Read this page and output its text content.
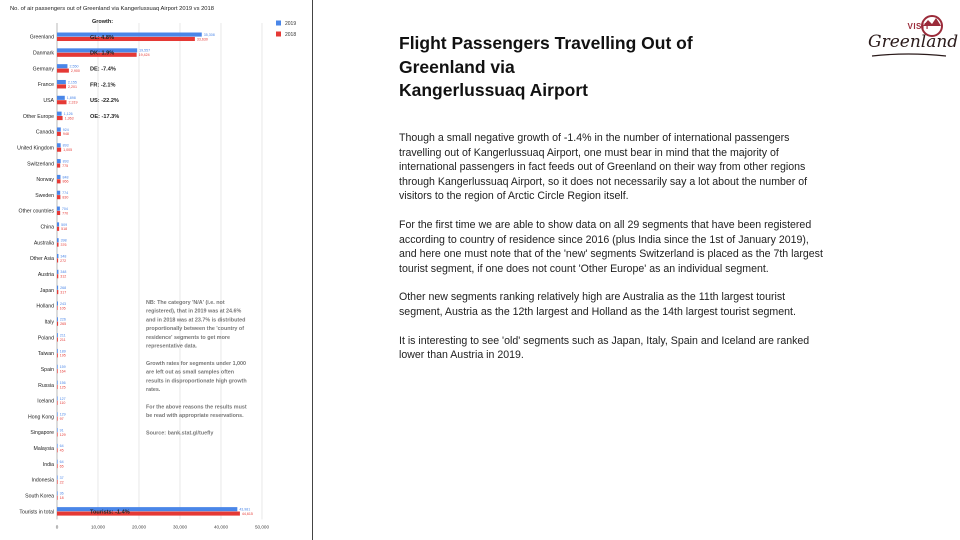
No. of air passengers out of Greenland via Kangerlussuaq Airport 2019 vs 2018
Growth:
0	10,000	20,000	30,000	40,000	50,000
2019
2018
Greenland	35,308
33,630
Danmark	19,557
19,424
Germany	2,550
2,900
France	2,155
2,201
USA	1,898
2,319
Other Europe	1,126
1,363
Canada 924
948
United Kingdom 893
1,005
Switzerland 893
775
Norway 848
866
Sweden 774
830
Other countries 704
770
China 509
518
Australia 398
376
Other Asia 348
272
Austria 348
312
Japan 268
317
Holland 243
105
Italy 226
265
Poland 211
211
Taiwan 189
195
Spain 159
164
Russia 156
125
Iceland 127
110
Hong Kong 129
97
Singapore 91
129
Malaysia 64
45
India 64
65
Indonesia 37
22
South Korea 36
18
Tourists in total	43,981
44,615
GL: 4.8%
DK: 1.9%
DE: -7.4%
FR: -2.1%
US: -22.2%
OE: -17.3%
Tourists: -1.4%
NB: The category 'N/A' (i.e. not
registered), that in 2019 was at 24.6%
and in 2018 was at 23.7% is distributed
proportionally between the 'country of
residence' segments to get more
representative data.
Growth rates for segments under 1,000
are left out as small samples often
results in disproportionate high growth
rates.
For the above reasons the results must
be read with appropriate reservations.
Source: bank.stat.gl/tuefly
Flight Passengers Travelling Out of
Greenland via
Kangerlussuaq Airport

Though a small negative growth of -1.4% in the number of international passengers travelling out of Kangerlussuaq Airport, one must bear in mind that the majority of international passengers in fact feeds out of Greenland on their way from other regions through Kangerlussuaq Airport, so it does not necessarily say a lot about the number of visitors to the region of Arctic Circle Region itself.

For the first time we are able to show data on all 29 segments that have been registered according to country of residence since 2016 (plus India since the 1st of January 2019), and here one must note that of the 'new' segments Switzerland is placed as the 7th largest tourist segment, if one does not count 'Other Europe' as an individual segment.

Other new segments ranking relatively high are Australia as the 11th largest tourist segment, Austria as the 12th largest and Holland as the 14th largest tourist segment.

It is interesting to see 'old' segments such as Japan, Italy, Spain and Iceland are ranked lower than Austria in 2019.

VISIT
Greenland
